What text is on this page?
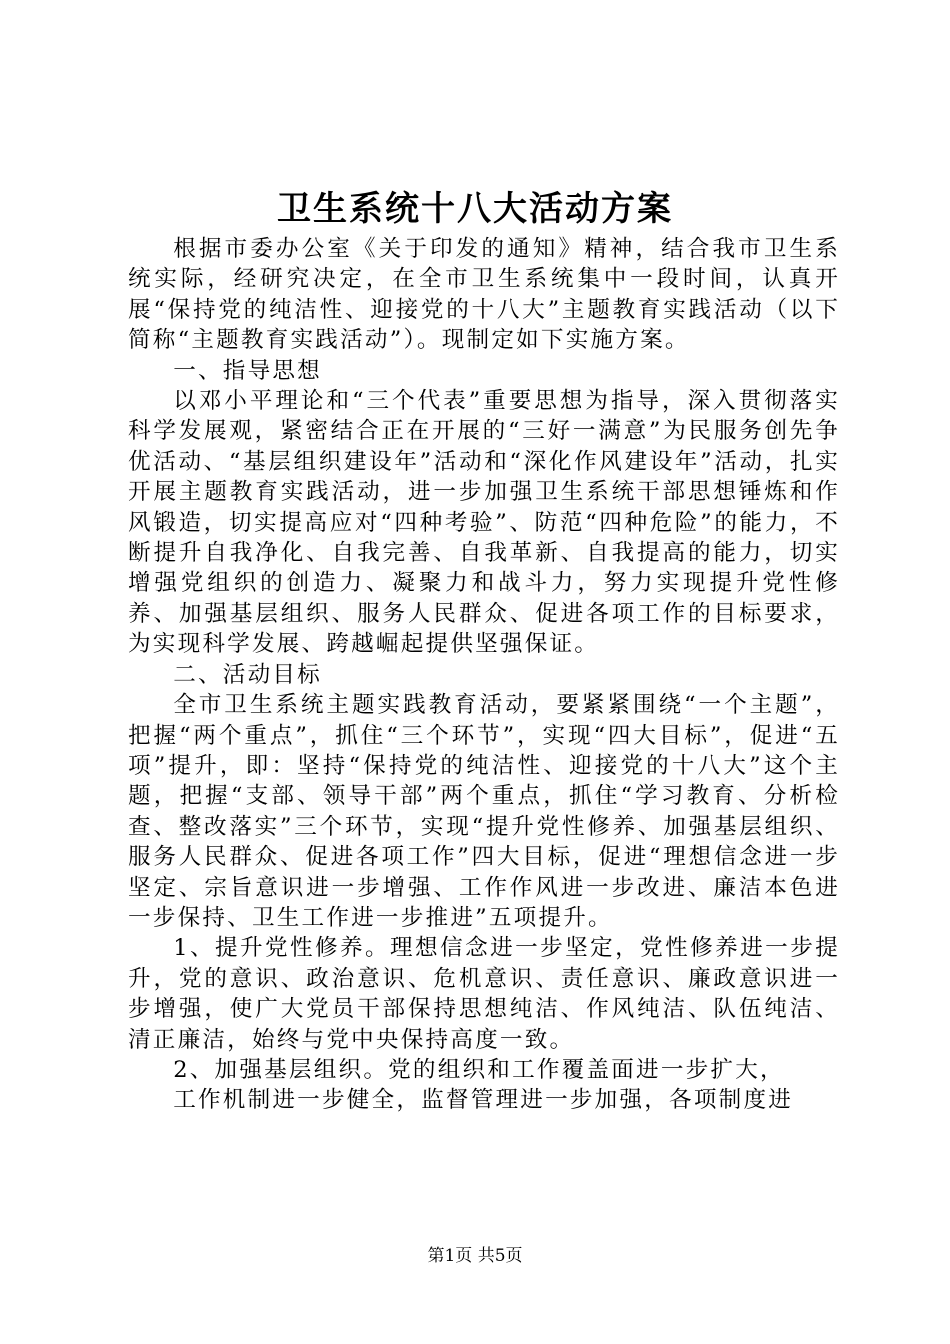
卫生系统十八大活动方案

根据市委办公室《关于印发的通知》精神，结合我市卫生系统实际，经研究决定，在全市卫生系统集中一段时间，认真开展“保持党的纯洁性、迎接党的十八大”主题教育实践活动（以下简称“主题教育实践活动”）。现制定如下实施方案。

一、指导思想

以邓小平理论和“三个代表”重要思想为指导，深入贯彻落实科学发展观，紧密结合正在开展的“三好一满意”为民服务创先争优活动、“基层组织建设年”活动和“深化作风建设年”活动，扎实开展主题教育实践活动，进一步加强卫生系统干部思想锤炼和作风锻造，切实提高应对“四种考验”、防范“四种危险”的能力，不断提升自我净化、自我完善、自我革新、自我提高的能力，切实增强党组织的创造力、凝聚力和战斗力，努力实现提升党性修养、加强基层组织、服务人民群众、促进各项工作的目标要求，为实现科学发展、跨越崛起提供坚强保证。

二、活动目标

全市卫生系统主题实践教育活动，要紧紧围绕“一个主题”，把握“两个重点”，抓住“三个环节”，实现“四大目标”，促进“五项”提升，即：坚持“保持党的纯洁性、迎接党的十八大”这个主题，把握“支部、领导干部”两个重点，抓住“学习教育、分析检查、整改落实”三个环节，实现“提升党性修养、加强基层组织、服务人民群众、促进各项工作”四大目标，促进“理想信念进一步坚定、宗旨意识进一步增强、工作作风进一步改进、廉洁本色进一步保持、卫生工作进一步推进”五项提升。

1、提升党性修养。理想信念进一步坚定，党性修养进一步提升，党的意识、政治意识、危机意识、责任意识、廉政意识进一步增强，使广大党员干部保持思想纯洁、作风纯洁、队伍纯洁、清正廉洁，始终与党中央保持高度一致。

2、加强基层组织。党的组织和工作覆盖面进一步扩大，

工作机制进一步健全，监督管理进一步加强，各项制度进

第1页 共5页
